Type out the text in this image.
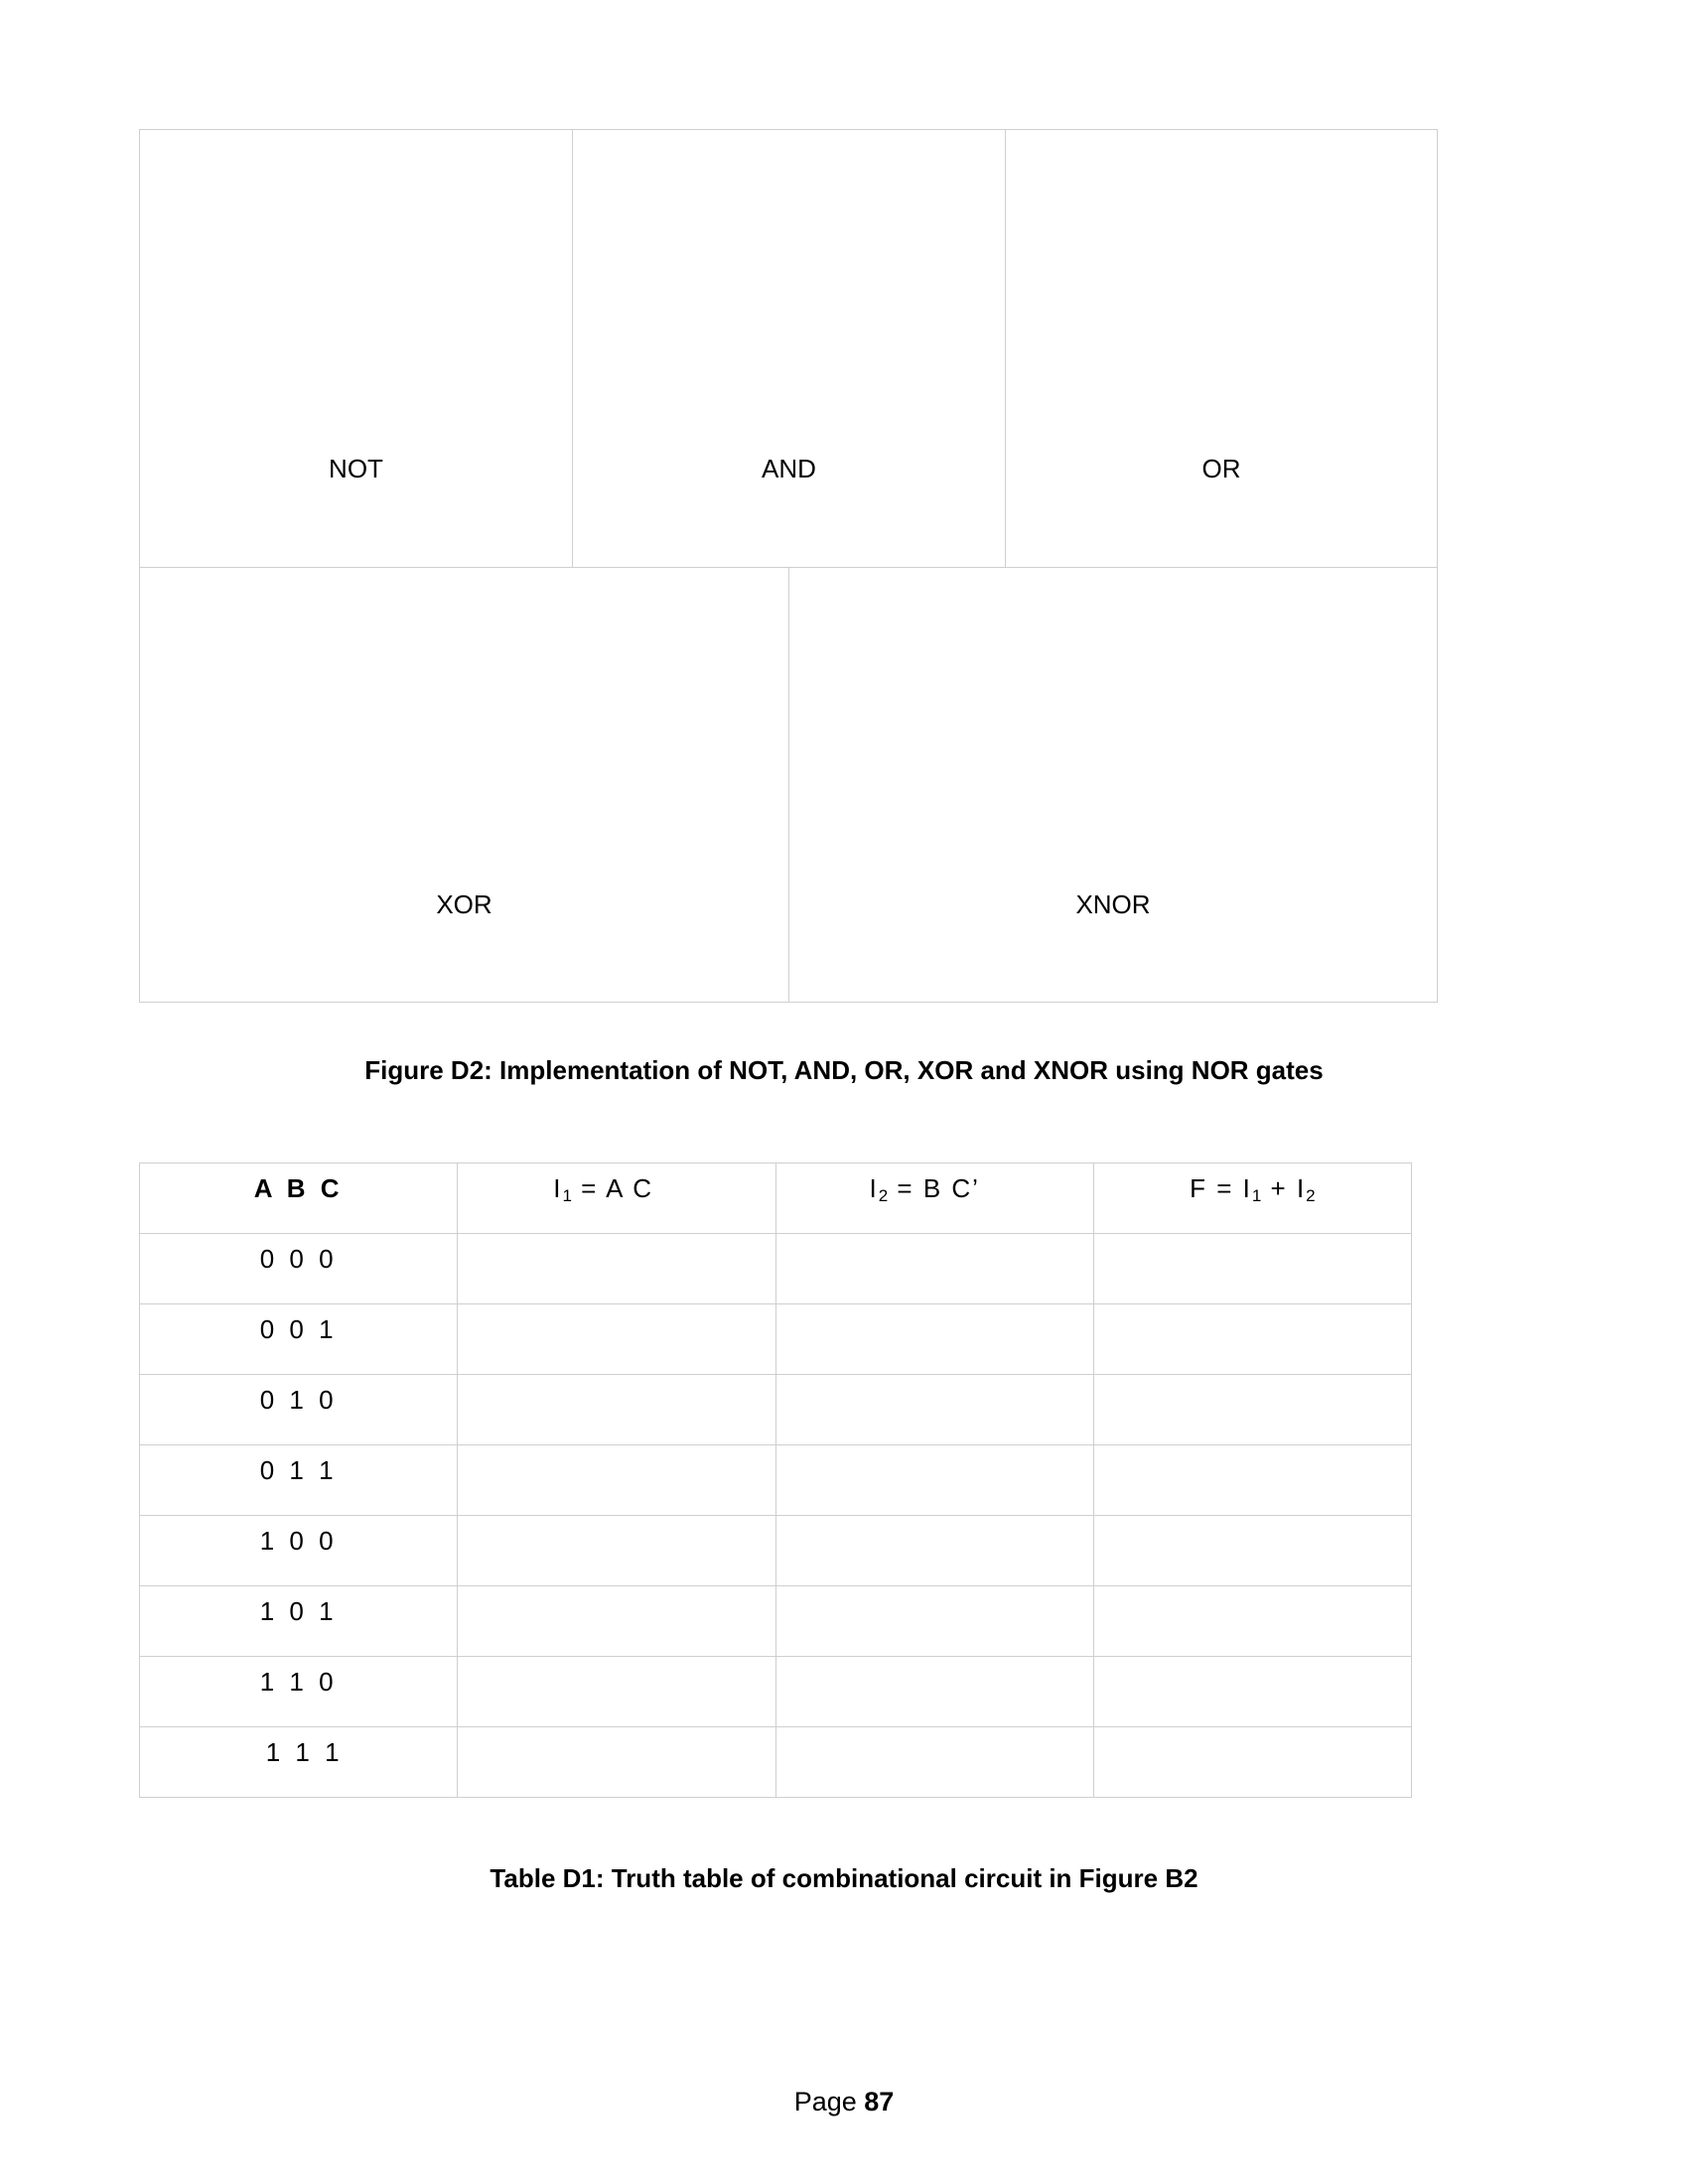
NOT	AND	OR
XOR	XNOR
Figure D2: Implementation of NOT, AND, OR, XOR and XNOR using NOR gates
A B C	$I_1 = A$ C	$I_2 = B$ C’	$F = I_1 + I_2$

0 0 0			

0 0 1			

0 1 0			

0 1 1			

1 0 0			

1 0 1			

1 1 0			

1 1 1			

Table D1: Truth table of combinational circuit in Figure B2
Page 87
